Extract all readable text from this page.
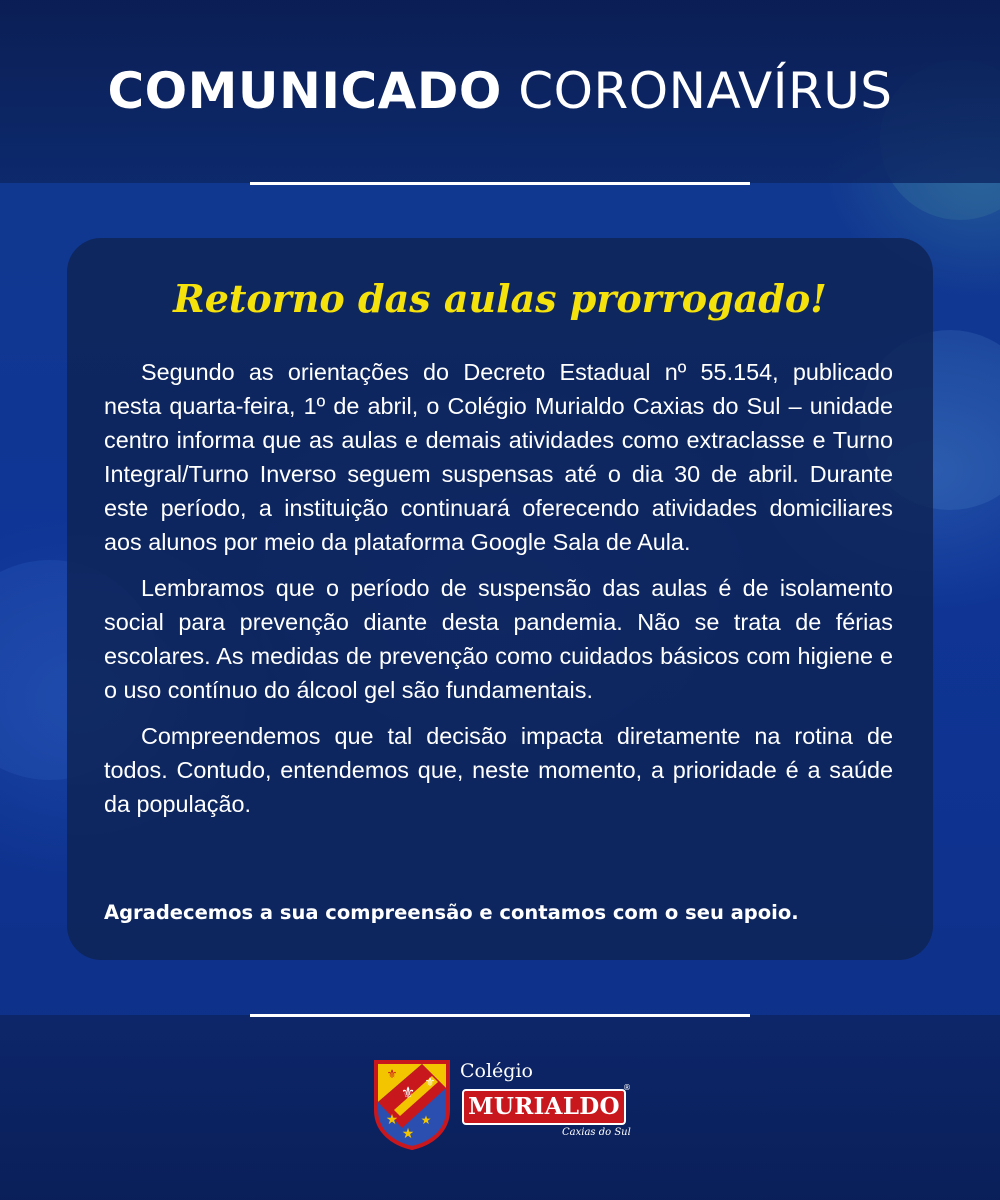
COMUNICADO CORONAVÍRUS
Retorno das aulas prorrogado!

Segundo as orientações do Decreto Estadual nº 55.154, publicado nesta quarta-feira, 1º de abril, o Colégio Murialdo Caxias do Sul – unidade centro informa que as aulas e demais atividades como extraclasse e Turno Integral/Turno Inverso seguem suspensas até o dia 30 de abril. Durante este período, a instituição continuará oferecendo atividades domiciliares aos alunos por meio da plataforma Google Sala de Aula.

Lembramos que o período de suspensão das aulas é de isolamento social para prevenção diante desta pandemia. Não se trata de férias escolares. As medidas de prevenção como cuidados básicos com higiene e o uso contínuo do álcool gel são fundamentais.

Compreendemos que tal decisão impacta diretamente na rotina de todos. Contudo, entendemos que, neste momento, a prioridade é a saúde da população.

Agradecemos a sua compreensão e contamos com o seu apoio.
⚜
⚜
⚜
★
★
★
Colégio
MURIALDO
®
Caxias do Sul
